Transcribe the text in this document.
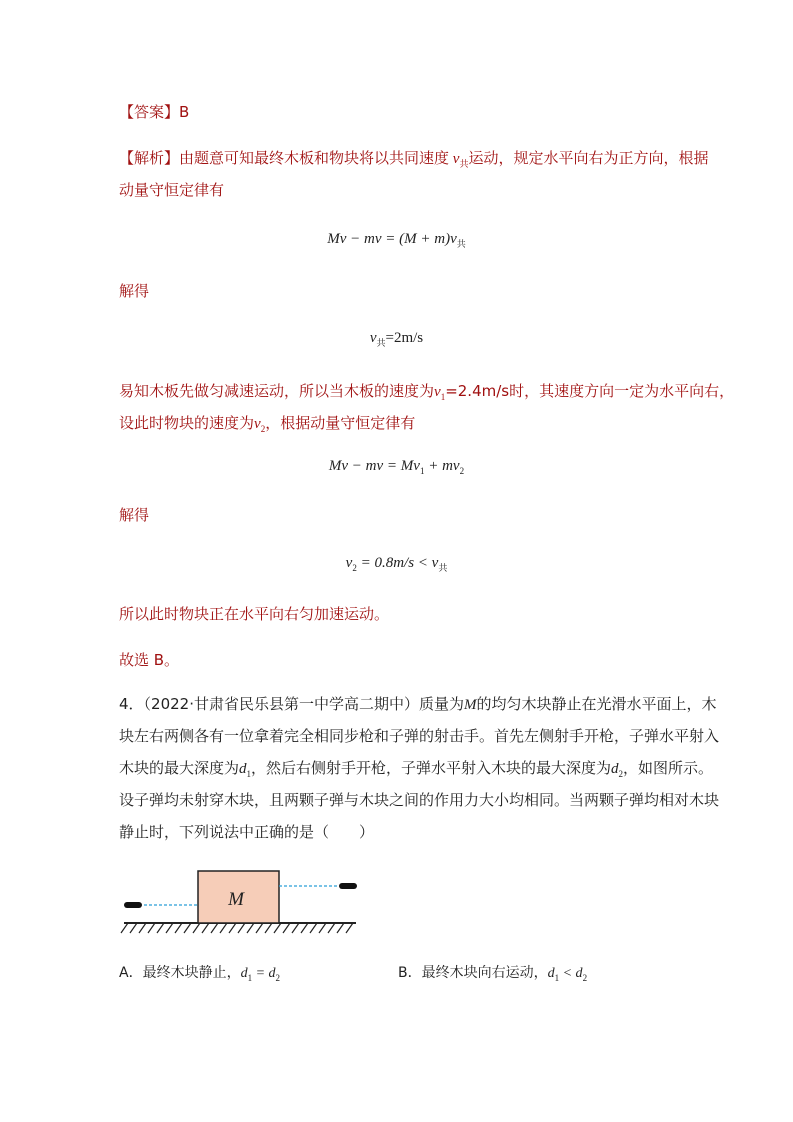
【答案】B
【解析】由题意可知最终木板和物块将以共同速度 $v_共$运动，规定水平向右为正方向，根据
动量守恒定律有
Mv − mv = $(M + m)v_共$
解得
$v_共=2m/s$
易知木板先做匀减速运动，所以当木板的速度为$v_1=2.4m/s$时，其速度方向一定为水平向右，
设此时物块的速度为$v_2$，根据动量守恒定律有
Mv − mv = $Mv_1 + mv_2$
解得
$v_2 = 0.8m/s < v_共$
所以此时物块正在水平向右匀加速运动。
故选 B。
4．（2022·甘肃省民乐县第一中学高二期中）质量为M的均匀木块静止在光滑水平面上，木
块左右两侧各有一位拿着完全相同步枪和子弹的射击手。首先左侧射手开枪，子弹水平射入
木块的最大深度为$d_1$，然后右侧射手开枪，子弹水平射入木块的最大深度为$d_2$，如图所示。
设子弹均未射穿木块，且两颗子弹与木块之间的作用力大小均相同。当两颗子弹均相对木块
静止时，下列说法中正确的是（　　）
M
A．最终木块静止，$d_1 = d_2$	B．最终木块向右运动，$d_1 < d_2$
